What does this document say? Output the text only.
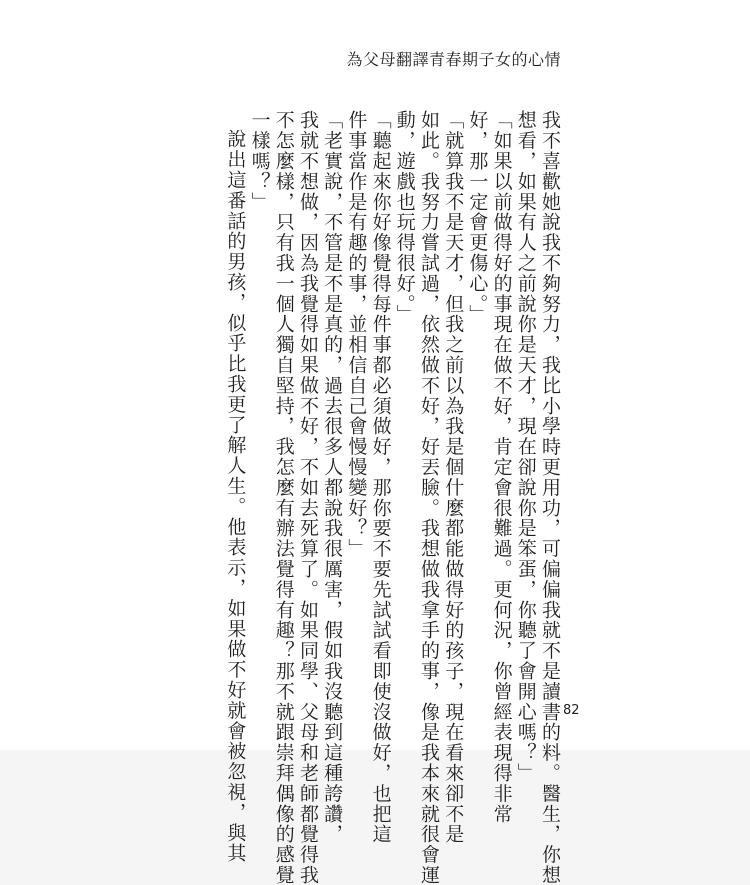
為父母翻譯青春期子女的心情
我不喜歡她說我不夠努力，我比小學時更用功，可偏偏我就不是讀書的料。醫生，你想
想看，如果有人之前說你是天才，現在卻說你是笨蛋，你聽了會開心嗎？」
「如果以前做得好的事現在做不好，肯定會很難過。更何況，你曾經表現得非常
好，那一定會更傷心。」
「就算我不是天才，但我之前以為我是個什麼都能做得好的孩子，現在看來卻不是
如此。我努力嘗試過，依然做不好，好丟臉。我想做我拿手的事，像是我本來就很會運
動，遊戲也玩得很好。」
「聽起來你好像覺得每件事都必須做好，那你要不要先試試看即使沒做好，也把這
件事當作是有趣的事，並相信自己會慢慢變好？」
「老實說，不管是不是真的，過去很多人都說我很厲害，假如我沒聽到這種誇讚，
我就不想做，因為我覺得如果做不好，不如去死算了。如果同學、父母和老師都覺得我
不怎麼樣，只有我一個人獨自堅持，我怎麼有辦法覺得有趣？那不就跟崇拜偶像的感覺
一樣嗎？」
說出這番話的男孩，似乎比我更了解人生。他表示，如果做不好就會被忽視，與其	82
